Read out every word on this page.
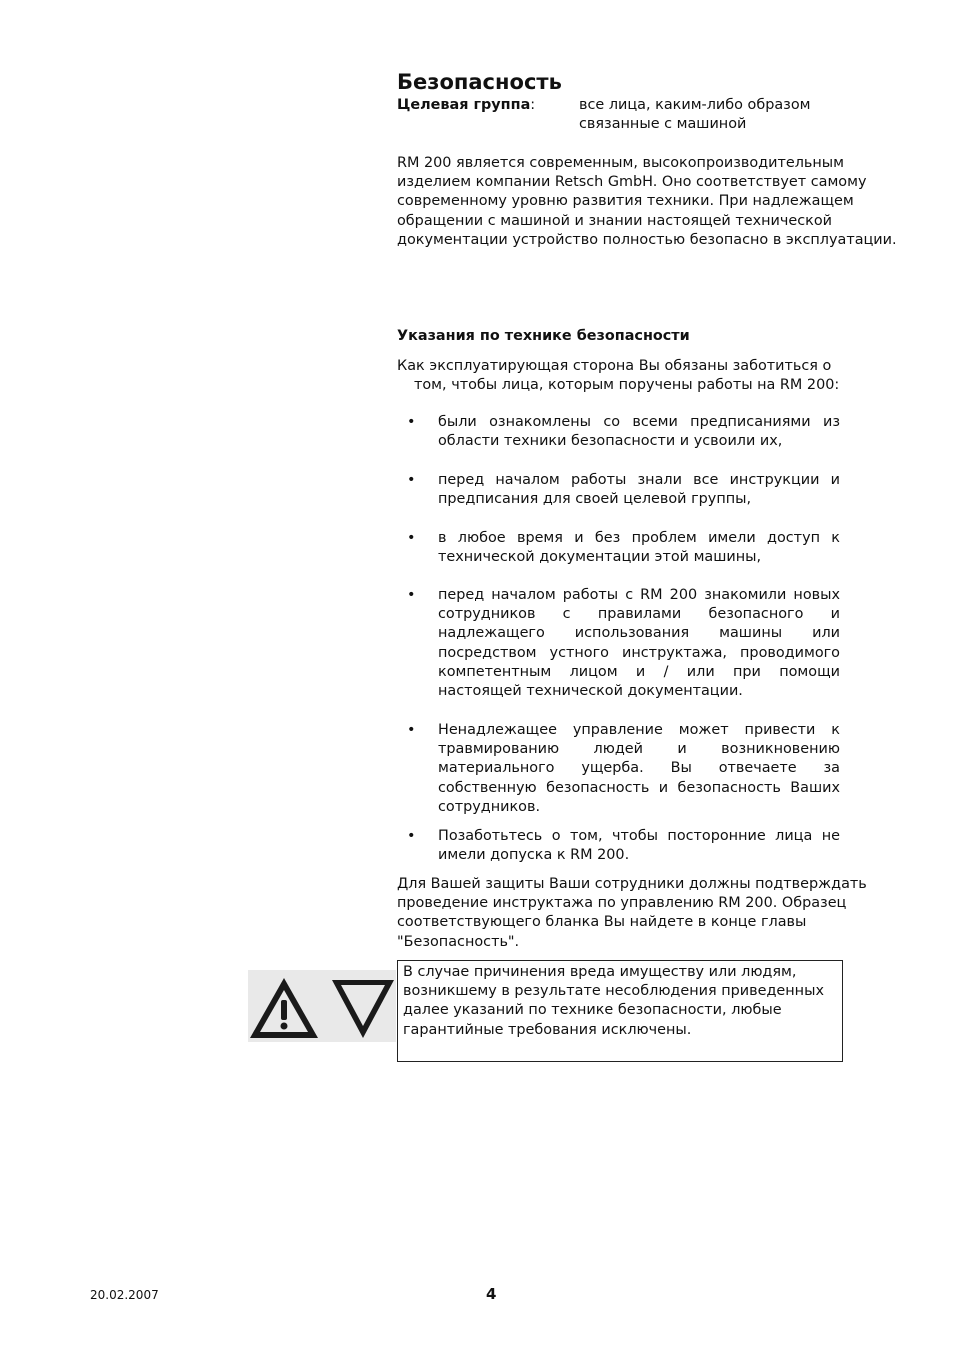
Безопасность
Целевая группа:	все лица, каким-либо образом связанные с машиной
RM 200 является современным, высокопроизводительным изделием компании Retsch GmbH. Оно соответствует самому современному уровню развития техники. При надлежащем обращении с машиной и знании настоящей технической документации устройство полностью безопасно в эксплуатации.
Указания по технике безопасности
Как эксплуатирующая сторона Вы обязаны заботиться о
том, чтобы лица, которым поручены работы на RM 200:
• были ознакомлены со всеми предписаниями из области техники безопасности и усвоили их,
• перед началом работы знали все инструкции и предписания для своей целевой группы,
• в любое время и без проблем имели доступ к технической документации этой машины,
• перед началом работы с RM 200 знакомили новых сотрудников с правилами безопасного и надлежащего использования машины или посредством устного инструктажа, проводимого компетентным лицом и / или при помощи настоящей технической документации.
• Ненадлежащее управление может привести к травмированию людей и возникновению материального ущерба. Вы отвечаете за собственную безопасность и безопасность Ваших сотрудников.
• Позаботьтесь о том, чтобы посторонние лица не имели допуска к RM 200.
Для Вашей защиты Ваши сотрудники должны подтверждать проведение инструктажа по управлению RM 200. Образец соответствующего бланка Вы найдете в конце главы "Безопасность".
В случае причинения вреда имуществу или людям, возникшему в результате несоблюдения приведенных далее указаний по технике безопасности, любые гарантийные требования исключены.
20.02.2007	4
